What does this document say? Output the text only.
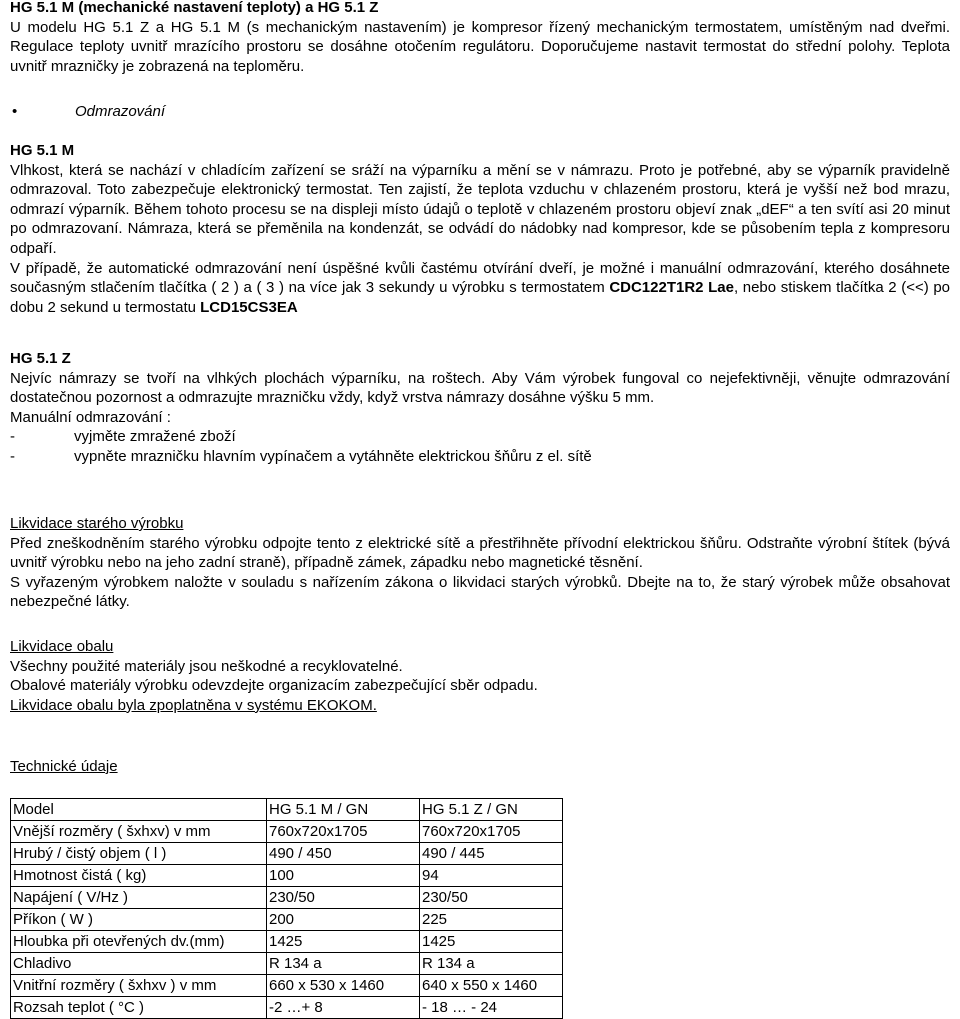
HG 5.1 M (mechanické nastavení teploty) a HG 5.1 Z

U modelu HG 5.1 Z a HG 5.1 M (s mechanickým nastavením) je kompresor řízený mechanickým termostatem, umístěným nad dveřmi. Regulace teploty uvnitř mrazícího prostoru se dosáhne otočením regulátoru. Doporučujeme nastavit termostat do střední polohy. Teplota uvnitř mrazničky je zobrazená na teploměru.

•	Odmrazování

HG 5.1 M

Vlhkost, která se nachází v chladícím zařízení se sráží na výparníku a mění se v námrazu. Proto je potřebné, aby se výparník pravidelně odmrazoval. Toto zabezpečuje elektronický termostat. Ten zajistí, že teplota vzduchu v chlazeném prostoru, která je vyšší než bod mrazu, odmrazí výparník. Během tohoto procesu se na displeji místo údajů o teplotě v chlazeném prostoru objeví znak „dEF“ a ten svítí asi 20 minut po odmrazovaní. Námraza, která se přeměnila na kondenzát, se odvádí do nádobky nad kompresor, kde se působením tepla z kompresoru odpaří.

V případě, že automatické odmrazování není úspěšné kvůli častému otvírání dveří, je možné i manuální odmrazování, kterého dosáhnete současným stlačením tlačítka ( 2 ) a ( 3 ) na více jak 3 sekundy u výrobku s termostatem CDC122T1R2 Lae, nebo stiskem tlačítka 2 (<<) po dobu 2 sekund u termostatu LCD15CS3EA

HG 5.1 Z

Nejvíc námrazy se tvoří na vlhkých plochách výparníku, na roštech. Aby Vám výrobek fungoval co nejefektivněji, věnujte odmrazování dostatečnou pozornost a odmrazujte mrazničku vždy, když vrstva námrazy dosáhne výšku 5 mm.

Manuální odmrazování :

-	vyjměte zmražené zboží
-	vypněte mrazničku hlavním vypínačem a vytáhněte elektrickou šňůru z el. sítě

Likvidace starého výrobku

Před zneškodněním starého výrobku odpojte tento z elektrické sítě a přestřihněte přívodní elektrickou šňůru. Odstraňte výrobní štítek (bývá uvnitř výrobku nebo na jeho zadní straně), případně zámek, západku nebo magnetické těsnění.

S vyřazeným výrobkem naložte v souladu s nařízením zákona o likvidaci starých výrobků. Dbejte na to, že starý výrobek může obsahovat nebezpečné látky.

Likvidace obalu

Všechny použité materiály jsou neškodné a recyklovatelné.

Obalové materiály výrobku odevzdejte organizacím zabezpečující sběr odpadu.

Likvidace obalu byla zpoplatněna v systému EKOKOM.

Technické údaje

Model	HG 5.1 M / GN	HG 5.1 Z / GN
Vnější rozměry ( šxhxv) v mm	760x720x1705	760x720x1705
Hrubý / čistý objem ( l )	490 / 450	490 / 445
Hmotnost čistá ( kg)	100	94
Napájení ( V/Hz )	230/50	230/50
Příkon ( W )	200	225
Hloubka při otevřených dv.(mm)	1425	1425
Chladivo	R 134 a	R 134 a
Vnitřní rozměry ( šxhxv ) v mm	660 x 530 x 1460	640 x 550 x 1460
Rozsah teplot ( °C )	-2 …+ 8	- 18 … - 24
